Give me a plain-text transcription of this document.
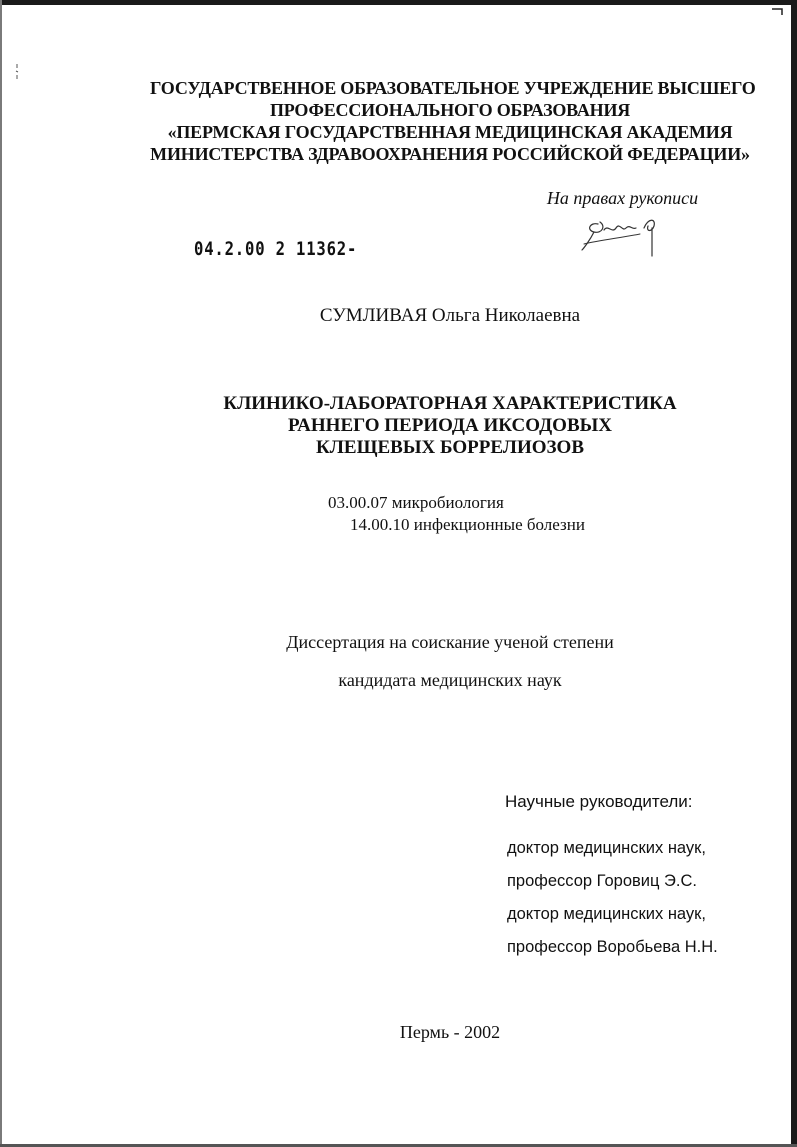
ГОСУДАРСТВЕННОЕ ОБРАЗОВАТЕЛЬНОЕ УЧРЕЖДЕНИЕ ВЫСШЕГО
ПРОФЕССИОНАЛЬНОГО ОБРАЗОВАНИЯ
«ПЕРМСКАЯ ГОСУДАРСТВЕННАЯ МЕДИЦИНСКАЯ АКАДЕМИЯ
МИНИСТЕРСТВА ЗДРАВООХРАНЕНИЯ РОССИЙСКОЙ ФЕДЕРАЦИИ»
На правах рукописи
04.2.00 2 11362-
СУМЛИВАЯ Ольга Николаевна
КЛИНИКО-ЛАБОРАТОРНАЯ ХАРАКТЕРИСТИКА
РАННЕГО ПЕРИОДА ИКСОДОВЫХ
КЛЕЩЕВЫХ БОРРЕЛИОЗОВ
03.00.07 микробиология
14.00.10 инфекционные болезни
Диссертация на соискание ученой степени
кандидата медицинских наук
Научные руководители:
доктор медицинских наук,
профессор Горовиц Э.С.
доктор медицинских наук,
профессор Воробьева Н.Н.
Пермь - 2002
